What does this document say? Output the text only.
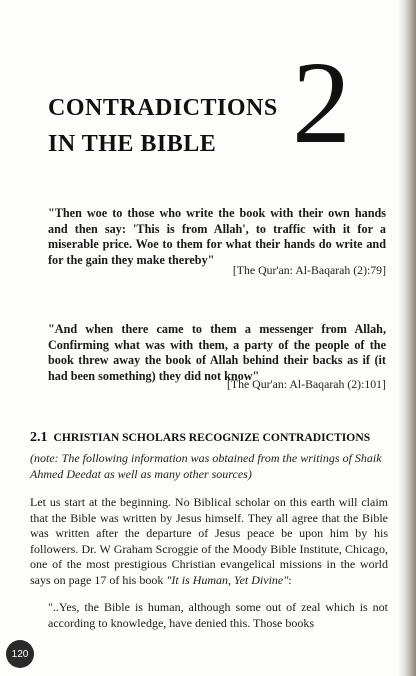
CONTRADICTIONS
IN THE BIBLE 2
"Then woe to those who write the book with their own hands and then say: 'This is from Allah', to traffic with it for a miserable price. Woe to them for what their hands do write and for the gain they make thereby"
[The Qur'an: Al-Baqarah (2):79]
"And when there came to them a messenger from Allah, Confirming what was with them, a party of the people of the book threw away the book of Allah behind their backs as if (it had been something) they did not know"
[The Qur'an: Al-Baqarah (2):101]
2.1 CHRISTIAN SCHOLARS RECOGNIZE CONTRADICTIONS
(note: The following information was obtained from the writings of Shaik Ahmed Deedat as well as many other sources)
Let us start at the beginning. No Biblical scholar on this earth will claim that the Bible was written by Jesus himself. They all agree that the Bible was written after the departure of Jesus peace be upon him by his followers. Dr. W Graham Scroggie of the Moody Bible Institute, Chicago, one of the most prestigious Christian evangelical missions in the world says on page 17 of his book "It is Human, Yet Divine":
"..Yes, the Bible is human, although some out of zeal which is not according to knowledge, have denied this. Those books
120
